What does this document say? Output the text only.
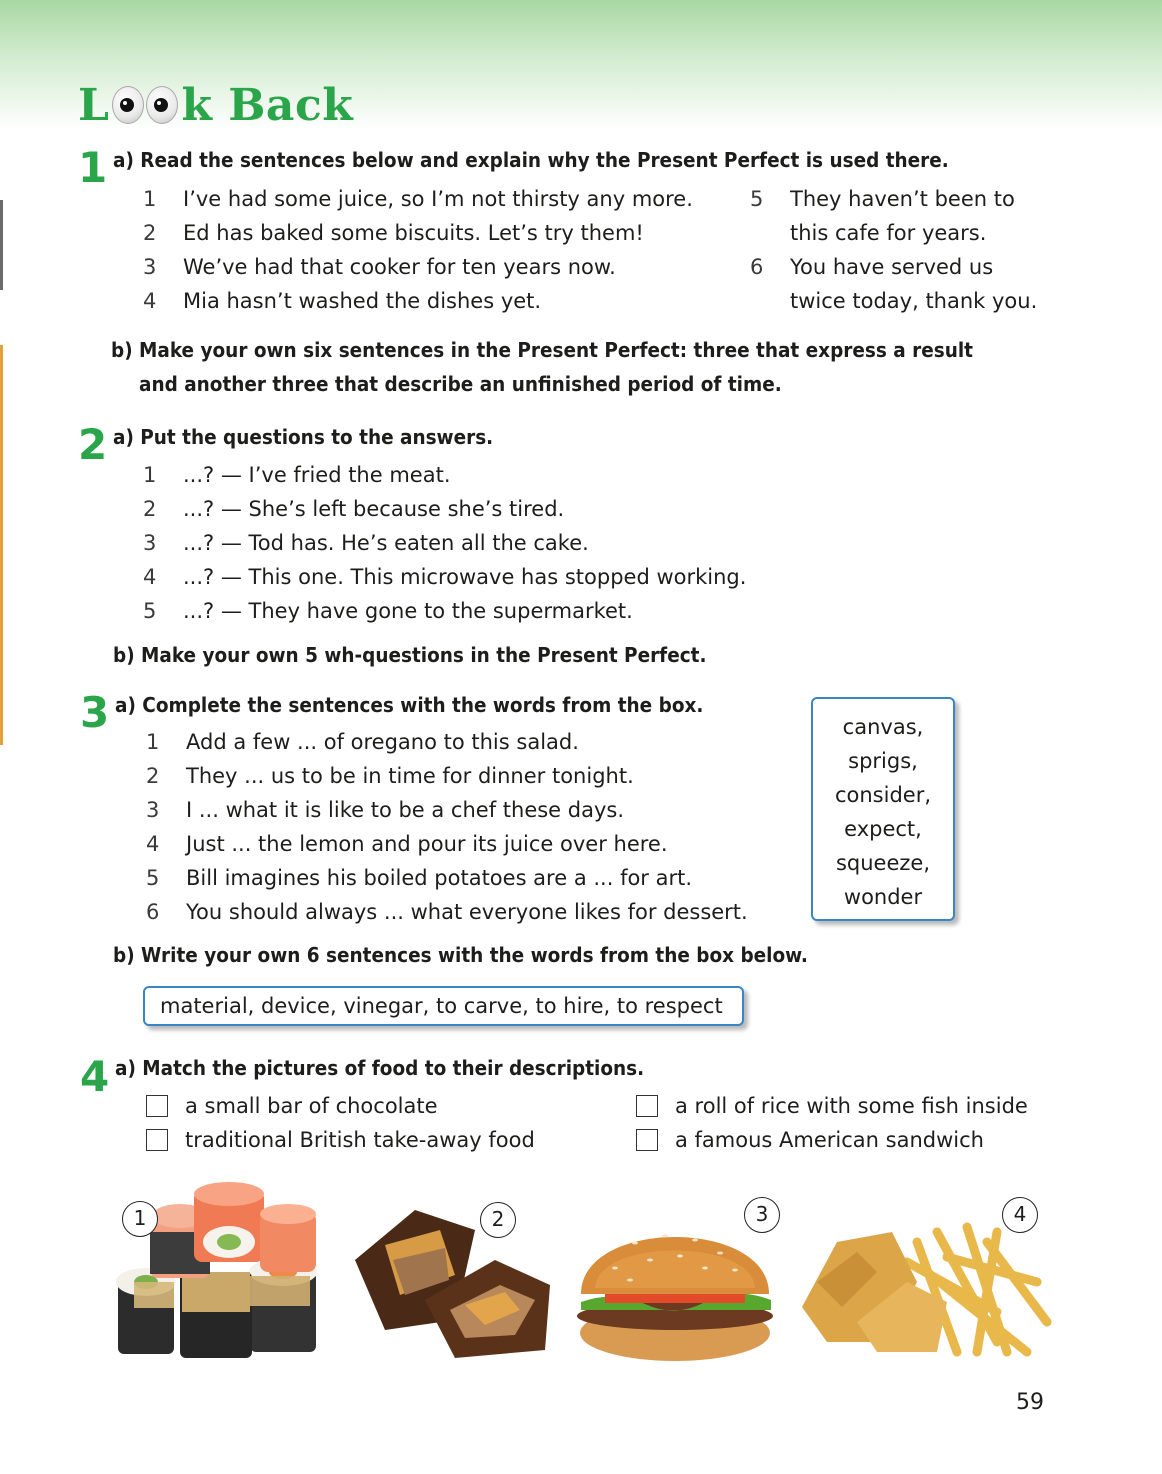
L k Back
1 a) Read the sentences below and explain why the Present Perfect is used there.
1	I’ve had some juice, so I’m not thirsty any more.
2	Ed has baked some biscuits. Let’s try them!
3	We’ve had that cooker for ten years now.
4	Mia hasn’t washed the dishes yet.
5	They haven’t been to
this cafe for years.
6	You have served us
twice today, thank you.
b) Make your own six sentences in the Present Perfect: three that express a result
and another three that describe an unfinished period of time.
2 a) Put the questions to the answers.
1	...? — I’ve fried the meat.
2	...? — She’s left because she’s tired.
3	...? — Tod has. He’s eaten all the cake.
4	...? — This one. This microwave has stopped working.
5	...? — They have gone to the supermarket.
b) Make your own 5 wh-questions in the Present Perfect.
3 a) Complete the sentences with the words from the box.
1	Add a few ... of oregano to this salad.
2	They ... us to be in time for dinner tonight.
3	I ... what it is like to be a chef these days.
4	Just ... the lemon and pour its juice over here.
5	Bill imagines his boiled potatoes are a ... for art.
6	You should always ... what everyone likes for dessert.
canvas,
sprigs,
consider,
expect,
squeeze,
wonder
b) Write your own 6 sentences with the words from the box below.
material, device, vinegar, to carve, to hire, to respect
4 a) Match the pictures of food to their descriptions.
a small bar of chocolate
traditional British take-away food
a roll of rice with some fish inside
a famous American sandwich
1	2	3	4
59
